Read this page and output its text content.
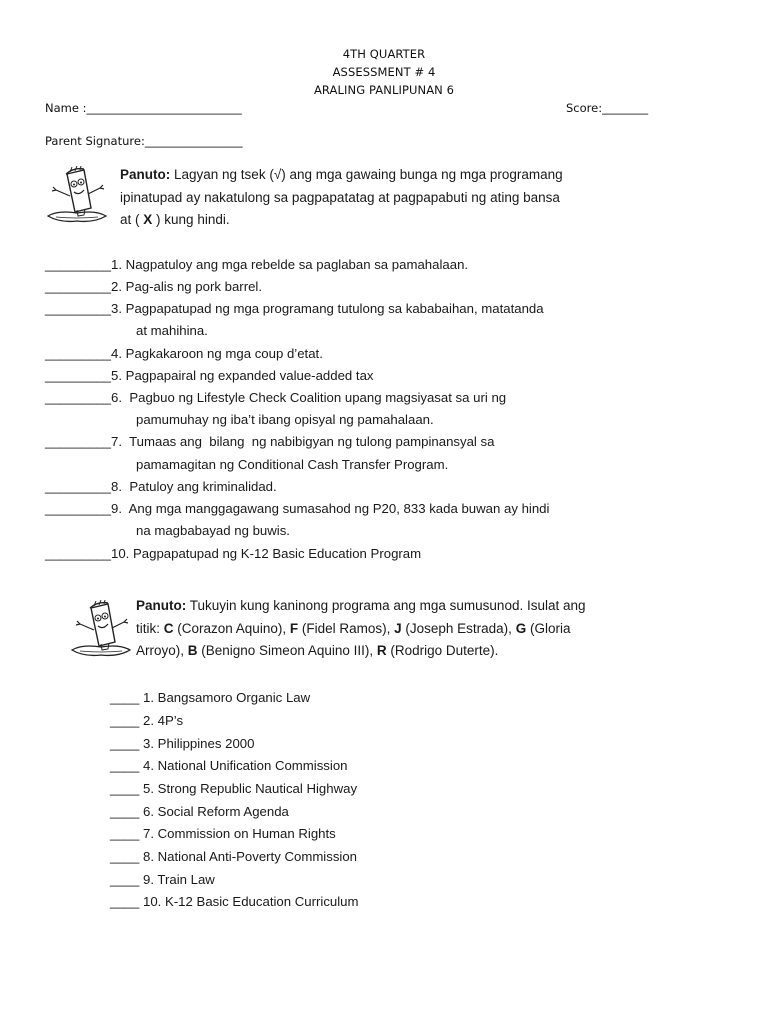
4TH QUARTER
ASSESSMENT # 4
ARALING PANLIPUNAN 6
Name :___________________________	Score:________
Parent Signature:_________________
Panuto: Lagyan ng tsek (√) ang mga gawaing bunga ng mga programang
ipinatupad ay nakatulong sa pagpapatatag at pagpapabuti ng ating bansa
at ( X ) kung hindi.
_________1. Nagpatuloy ang mga rebelde sa paglaban sa pamahalaan.
_________2. Pag-alis ng pork barrel.
_________3. Pagpapatupad ng mga programang tutulong sa kababaihan, matatanda
at mahihina.
_________4. Pagkakaroon ng mga coup d’etat.
_________5. Pagpapairal ng expanded value-added tax
_________6.  Pagbuo ng Lifestyle Check Coalition upang magsiyasat sa uri ng
pamumuhay ng iba’t ibang opisyal ng pamahalaan.
_________7.  Tumaas ang  bilang  ng nabibigyan ng tulong pampinansyal sa
pamamagitan ng Conditional Cash Transfer Program.
_________8.  Patuloy ang kriminalidad.
_________9.  Ang mga manggagawang sumasahod ng P20, 833 kada buwan ay hindi
na magbabayad ng buwis.
_________10. Pagpapatupad ng K-12 Basic Education Program
Panuto: Tukuyin kung kaninong programa ang mga sumusunod. Isulat ang
titik: C (Corazon Aquino), F (Fidel Ramos), J (Joseph Estrada), G (Gloria
Arroyo), B (Benigno Simeon Aquino III), R (Rodrigo Duterte).
____ 1. Bangsamoro Organic Law
____ 2. 4P’s
____ 3. Philippines 2000
____ 4. National Unification Commission
____ 5. Strong Republic Nautical Highway
____ 6. Social Reform Agenda
____ 7. Commission on Human Rights
____ 8. National Anti-Poverty Commission
____ 9. Train Law
____ 10. K-12 Basic Education Curriculum
